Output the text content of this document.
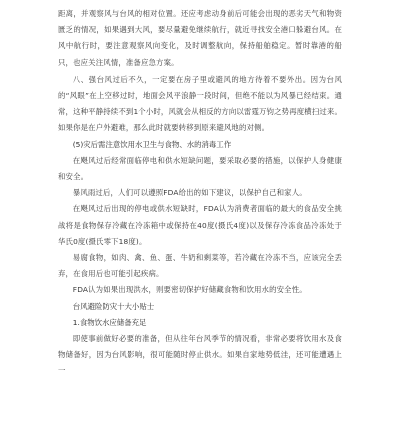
距离，并观察风与台风的相对位置。还应考虑动身前后可能会出现的恶劣天气和物资匮乏的情况，如果遇到大风，要尽量避免继续航行，就近寻找安全港口躲避台风。在风中航行时，要注意观察风向变化，及时调整航向，保持船舶稳定。暂时靠港的船只，也应关注风情，准备应急方案。

八、强台风过后不久，一定要在房子里或避风的地方待着不要外出。因为台风的“风眼”在上空移过时，地面会风平浪静一段时间，但绝不能以为风暴已经结束。通常，这种平静持续不到1个小时，风就会从相反的方向以雷霆万钧之势再度横扫过来。如果你是在户外避难，那么此时就要转移到原来避风地的对侧。

(5)灾后需注意饮用水卫生与食物、水的消毒工作

在飓风过后经常面临停电和供水短缺问题，要采取必要的措施，以保护人身健康和安全。

暴风雨过后，人们可以遵照FDA给出的如下建议，以保护自己和家人。

在飓风过后出现的停电或供水短缺时，FDA认为消费者面临的最大的食品安全挑战将是食物保存冷藏在冷冻箱中或保持在40度(摄氏4度)以及保存冷冻食品冷冻处于华氏0度(摄氏零下18度)。

易腐食物，如肉、禽、鱼、蛋、牛奶和剩菜等，若冷藏在冷冻不当，应该完全丢弃，在食用后也可能引起疾病。

FDA认为如果出现洪水，则要密切保护好储藏食物和饮用水的安全性。

台风避险防灾十大小贴士

1.食物饮水应储备充足

即使事前做好必要的准备，但从往年台风季节的情况看，非常必要将饮用水及食物储备好，因为台风影响，很可能随时停止供水。如果自家地势低洼，还可能遭遇上一
